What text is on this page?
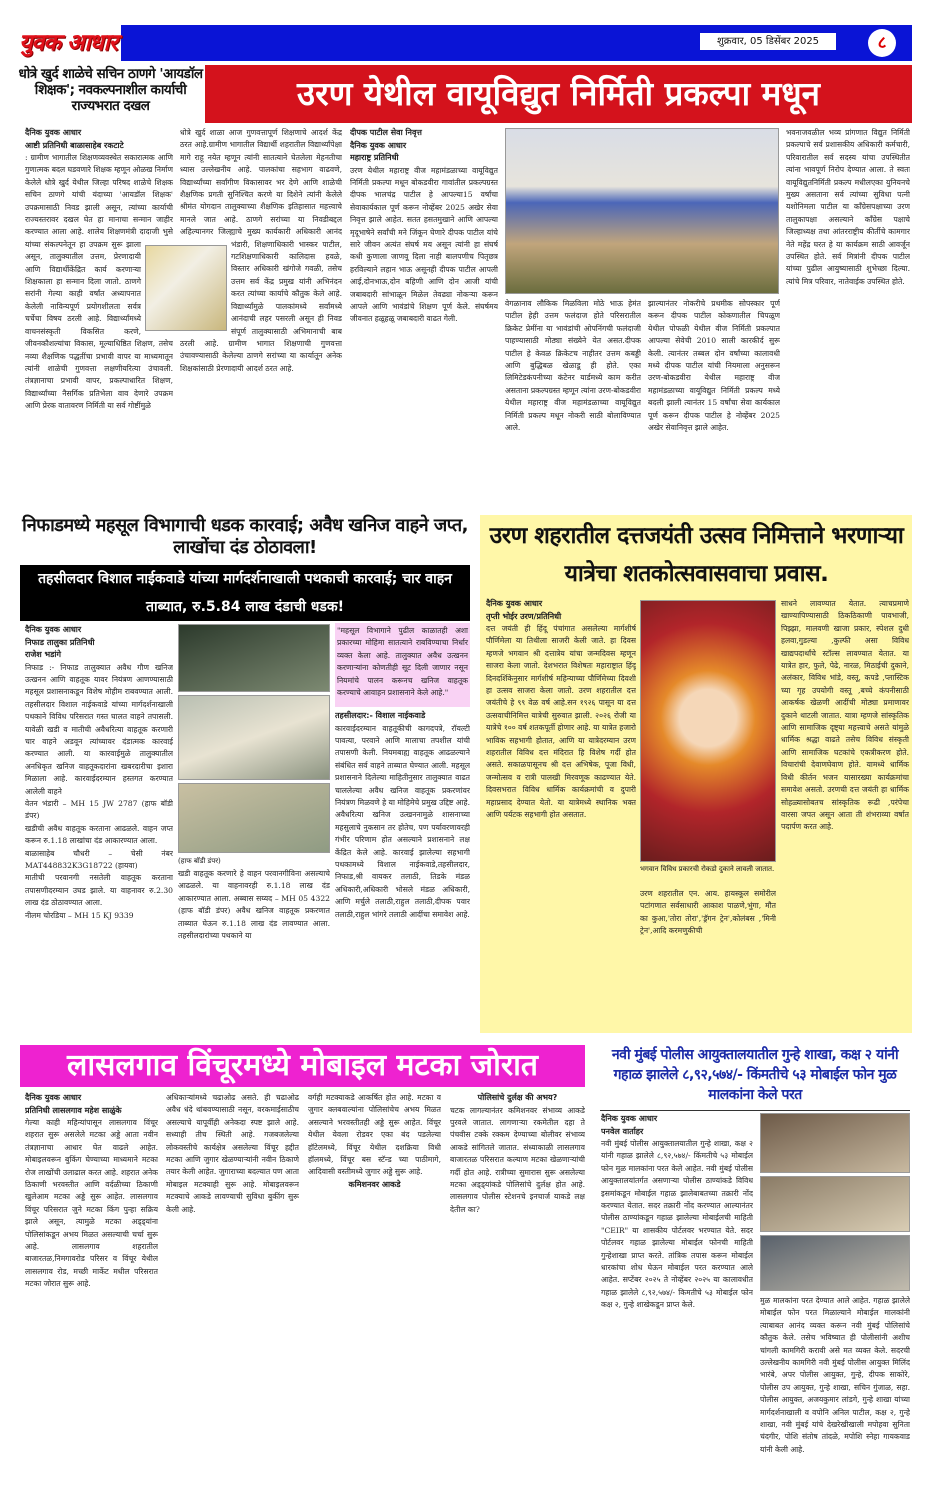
युवक आधार	शुक्रवार, 05 डिसेंबर 2025	८
धोत्रे खुर्द शाळेचे सचिन ठाणगे 'आयडॉल शिक्षक'; नवकल्पनाशील कार्याची राज्यभरात दखल
दैनिक युवक आधार
आष्टी प्रतिनिधी बाळासाहेब रकटाटे
: ग्रामीण भागातील शिक्षणव्यवस्थेत सकारात्मक आणि गुणात्मक बदल घडवणारे शिक्षक म्हणून ओळख निर्माण केलेले धोत्रे खुर्द येथील जिल्हा परिषद शाळेचे शिक्षक सचिन ठाणगे यांची यंदाच्या 'आयडॉल शिक्षक' उपक्रमासाठी निवड झाली असून, त्यांच्या कार्याची राज्यस्तरावर दखल घेत हा मानाचा सन्मान जाहीर करण्यात आला आहे. शालेय शिक्षणमंत्री दादाजी भुसे यांच्या संकल्पनेतून हा उपक्रम सुरू झाला असून, तालुक्यातील उत्तम, प्रेरणादायी आणि विद्यार्थीकेंद्रित कार्य करणाऱ्या शिक्षकाला हा सन्मान दिला जातो. ठाणगे सरांनी गेल्या काही वर्षांत अध्यापनात केलेली नाविन्यपूर्ण प्रयोगशीलता सर्वत्र चर्चेचा विषय ठरली आहे. विद्यार्थ्यांमध्ये वाचनसंस्कृती विकसित करणे, जीवनकौशल्यांचा विकास, मूल्याधिष्ठित शिक्षण, तसेच नव्या शैक्षणिक पद्धतींचा प्रभावी वापर या माध्यमातून त्यांनी शाळेची गुणवत्ता लक्षणीयरित्या उंचावली. तंत्रज्ञानाचा प्रभावी वापर, प्रकल्पाधारित शिक्षण, विद्यार्थ्यांच्या नैसर्गिक प्रतिभेला वाव देणारे उपक्रम आणि प्रेरक वातावरण निर्मिती या सर्व गोष्टींमुळे
धोत्रे खुर्द शाळा आज गुणवत्तापूर्ण शिक्षणाचे आदर्श केंद्र ठरत आहे.ग्रामीण भागातील विद्यार्थी शहरातील विद्यार्थ्यांपेक्षा मागे राहू नयेत म्हणून त्यांनी सातत्याने घेतलेला मेहनतीचा ध्यास उल्लेखनीय आहे. पालकांचा सहभाग वाढवणे, विद्यार्थ्यांच्या सर्वांगीण विकासावर भर देणे आणि शाळेची शैक्षणिक प्रगती सुनिश्चित करणे या दिशेने त्यांनी केलेले श्रीमंत योगदान तालुक्याच्या शैक्षणिक इतिहासात महत्त्वाचे मानले जात आहे. ठाणगे सरांच्या या निवडीबद्दल अहिल्यानगर जिल्ह्याचे मुख्य कार्यकारी अधिकारी आनंद भंडारी, शिक्षणाधिकारी भास्कर पाटील, गटशिक्षणाधिकारी कालिदास हवळे, विस्तार अधिकारी खंगोजे गवळी, तसेच उत्तम सर्व केंद्र प्रमुख यांनी अभिनंदन करत त्यांच्या कार्याचे कौतुक केले आहे. विद्यार्थ्यांमुळे पालकांमध्ये सर्वांमध्ये आनंदाची लहर पसरली असून ही निवड संपूर्ण तालुक्यासाठी अभिमानाची बाब ठरली आहे. ग्रामीण भागात शिक्षणाची गुणवत्ता उंचावण्यासाठी केलेल्या ठाणगे सरांच्या या कार्यातून अनेक शिक्षकांसाठी प्रेरणादायी आदर्श ठरत आहे.
उरण येथील वायूविद्युत निर्मिती प्रकल्पा मधून
दीपक पाटील सेवा निवृत्त
दैनिक युवक आधार
महाराष्ट्र प्रतिनिधी
उरण येथील महाराष्ट्र वीज महामंडळाच्या वायूविद्युत निर्मिती प्रकल्पा मधून बोकडवीरा गावांतील प्रकल्पग्रस्त दीपक भालचंद्र पाटील हे आपल्या15 वर्षांचा सेवाकार्यकाल पूर्ण करून नोव्हेंबर 2025 अखेर सेवा निवृत्त झाले आहेत. सतत हसतमुखाने आणि आपल्या मृदूभाषेने सर्वांची मने जिंकून घेणारे दीपक पाटील यांचे सारे जीवन अत्यंत संघर्ष मय असून त्यांनी हा संघर्ष कधी कुणाला जाणवू दिला नाही बालपणीच पितृछत्र हरविल्याने लहान भाऊ असूनही दीपक पाटील आपली आई,दोनभाऊ,दोन बहिणी आणि दोन आजी यांची जबाबदारी सांभाळून मिळेल तेवढ्या नोकऱ्या करून आपले आणि भावंडांचे शिक्षण पूर्ण केले. संघर्षमय जीवनात हळूहळू जबाबदारी वाढत गेली.
वेगळानाव लौकिक मिळविला मोठे भाऊ हेमंत पाटील हेही उत्तम फलंदाज होते परिसरातील क्रिकेट प्रेमींना या भावंडांची ओपनिंगची फलंदाजी पाहण्यासाठी मोठ्या संख्येने येत असत.दीपक पाटील हे केवळ क्रिकेटच नाहीतर उत्तम कबड्डी आणि बुद्धिबळ खेळाडू ही होते. एका लिमिटेडकंपनीच्या कंटेनर यार्डमध्ये काम करीत असताना प्रकल्पग्रस्त म्हणून त्यांना उरण-बोकडवीरा येथील महाराष्ट्र वीज महामंडळाच्या वायूविद्युत निर्मिती प्रकल्प मधून नोकरी साठी बोलाविण्यात आले.
झाल्यानंतर नोकरीचे प्रथमीक सोपस्कार पूर्ण करून दीपक पाटील कोकणातील चिपळूण येथील पोफळी येथील वीज निर्मिती प्रकल्पात आपल्या सेवेची 2010 साली कारकीर्द सुरू केली. त्यानंतर तब्बल दोन वर्षांच्या कालावधी मध्ये दीपक पाटील यांची नियमाला अनुसरून उरण-बोकडवीरा येथील महाराष्ट्र वीज महामंडळाच्या वायूविद्युत निर्मिती प्रकल्प मध्ये बदली झाली त्यानंतर 15 वर्षांचा सेवा कार्यकाल पूर्ण करून दीपक पाटील हे नोव्हेंबर 2025 अखेर सेवानिवृत्त झाले आहेत.
भवनाजवळील भव्य प्रांगणात विद्युत निर्मिती प्रकल्पाचे सर्व प्रशासकीय अधिकारी कर्मचारी, परिवारातील सर्व सदस्य यांचा उपस्थितीत त्यांना भावपूर्ण निरोप देण्यात आला. ते स्वतः वायूविद्युतनिर्मिती प्रकल्प मधीलएका युनियनचे मुख्य असताना सर्व त्यांच्या सुविधा पत्नी यशोनिमला पाटील या कॉंग्रेसपक्षाच्या उरण तालुकापक्षा असल्याने कॉंग्रेस पक्षाचे जिल्हाध्यक्ष तथा आंतरराष्ट्रीय कीर्तीचे कामगार नेते महेंद्र घरत हे या कार्यक्रम साठी आवर्जून उपस्थित होते. सर्व मित्रांनी दीपक पाटील यांच्या पुढील आयुष्यासाठी शुभेच्छा दिल्या. त्यांचे मित्र परिवार, नातेवाईक उपस्थित होते.
निफाडमध्ये महसूल विभागाची धडक कारवाई; अवैध खनिज वाहने जप्त, लाखोंचा दंड ठोठावला!
तहसीलदार विशाल नाईकवाडे यांच्या मार्गदर्शनाखाली पथकाची कारवाई; चार वाहन ताब्यात, रु.5.84 लाख दंडाची धडक!
दैनिक युवक आधार
निफाड तालुका प्रतिनिधी
राजेश भडांगे
निफाड :- निफाड तालुक्यात अवैध गौण खनिज उत्खनन आणि वाहतूक यावर नियंत्रण आणण्यासाठी महसूल प्रशासनाकडून विशेष मोहीम राबवण्यात आली. तहसीलदार विशाल नाईकवाडे यांच्या मार्गदर्शनाखाली पथकाने विविध परिसरात गस्त घालत वाहने तपासली. यावेळी खडी व मातीची अवैधरित्या वाहतूक करणारी चार वाहने अडवून त्यांच्यावर दंडात्मक कारवाई करण्यात आली. या कारवाईमुळे तालुक्यातील अनधिकृत खनिज वाहतूकदारांना खबरदारीचा इशारा मिळाला आहे. कारवाईदरम्यान हस्तगत करण्यात आलेली वाहने
वेतन भंडारी – MH 15 JW 2787 (हाफ बॉडी डंपर)
खडीची अवैध वाहतूक करताना आढळले. वाहन जप्त करून रु.1.18 लाखांचा दंड आकारण्यात आला.
बाळासाहेब चौधरी – चेसी नंबर MAT448832K3G18722 (हायवा)
मातीची परवानगी नसतेली वाहतूक करताना तपासणीदरम्यान उघड झाले. या वाहनावर रु.2.30 लाख दंड ठोठावण्यात आला.
नीलम चोरडिया – MH 15 KJ 9339
(हाफ बॉडी डंपर)
खडी वाहतूक करणारे हे वाहन परवानगीविना असल्याचे आढळले. या वाहनावरही रु.1.18 लाख दंड आकारण्यात आला. अब्बास सय्यद – MH 05 4322 (हाफ बॉडी डंपर) अवैध खनिज वाहतूक प्रकरणात ताब्यात घेऊन रु.1.18 लाख दंड लावण्यात आला. तहसीलदारांच्या पथकाने या
"महसूल विभागाने पुढील काळातही अशा प्रकारच्या मोहिमा सातत्याने राबविण्याचा निर्धार व्यक्त केला आहे. तालुक्यात अवैध उत्खनन करणाऱ्यांना कोणतीही सूट दिली जाणार नसून नियमांचे पालन करूनच खनिज वाहतूक करण्याचे आवाहन प्रशासनाने केले आहे."
तहसीलदार:- विशाल नाईकवाडे
कारवाईदरम्यान वाहतूकीची कागदपत्रे, रॉयल्टी पावत्या, परवाने आणि मालाचा तपशील यांची तपासणी केली. नियमबाह्य वाहतूक आढळल्याने संबंधित सर्व वाहने ताब्यात घेण्यात आली. महसूल प्रशासनाने दिलेल्या माहितीनुसार तालुक्यात वाढत चाललेल्या अवैध खनिज वाहतूक प्रकरणांवर नियंत्रण मिळवणे हे या मोहिमेचे प्रमुख उद्दिष्ट आहे. अवैधरित्या खनिज उत्खननामुळे शासनाच्या महसुलाचे नुकसान तर होतेच, पण पर्यावरणावरही गंभीर परिणाम होत असल्याने प्रशासनाने लक्ष केंद्रित केले आहे. कारवाई झालेल्या सहभागी पथकामध्ये विशाल नाईकवाडे,तहसीलदार, निफाड,श्री वायकर तलाठी, तिडके मंडळ अधिकारी,अधिकारी भोसले मंडळ अधिकारी, आणि मर्चुले तलाठी,राहुल तलाठी,दीपक पवार तलाठी,राहुल भांगरे तलाठी आदींचा समावेश आहे.
उरण शहरातील दत्तजयंती उत्सव निमित्ताने भरणाऱ्या यात्रेचा शतकोत्सवासवाचा प्रवास.
दैनिक युवक आधार
तृप्ती भोईर उरण/प्रतिनिधी
दत्त जयंती ही हिंदू पंचांगात असलेल्या मार्गशीर्ष पौर्णिमेला या तिथीला साजरी केली जाते. हा दिवस म्हणजे भगवान श्री दत्तात्रेय यांचा जन्मदिवस म्हणून साजरा केला जातो. देशभरात विशेषतः महाराष्ट्रात हिंदू दिनदर्शिकेनुसार मार्गशीर्ष महिन्याच्या पौर्णिमेच्या दिवशी हा उत्सव साजरा केला जातो. उरण शहरातील दत्त जयंतीचे हे ९९ वेळ वर्ष आहे.सन १९२६ पासून या दत्त उत्सवाचीनिमित्त यात्रेची सुरुवात झाली. २०२६ रोजी या यात्रेचे १०० वर्ष शतकपूर्ती होणार आहे. या यात्रेत हजारो भाविक सहभागी होतात, आणि या यात्रेदरम्यान उरण शहरातील विविध दत्त मंदिरात हि विशेष गर्दी होत असते. सकाळपासूनच श्री दत्त अभिषेक, पूजा विधी, जन्मोत्सव व रात्री पालखी मिरवणूक काढण्यात येते. दिवसभरात विविध धार्मिक कार्यक्रमांची व दुपारी महाप्रसाद देण्यात येतो. या यात्रेमध्ये स्थानिक भक्त आणि पर्यटक सहभागी होत असतात.
भगवान विविध प्रकारची रोकडो दुकाने लावली जातात.
उरण शहरातील एन. आय. हायस्कूल समोरील पटांगणात सर्वसाधारी आकाश पाळणे,भुंगा, मौत का कुआ,'तोरा तोरा','ड्रॅगन ट्रेन',कोलंबस ,'मिनी ट्रेन',आदि करमणुकीची
साधने लावण्यात येतात. त्याचप्रमाणे खाण्यापिण्यासाठी ठिकठिकाणी पावभाजी, पिझ्झा, मालवणी खाजा प्रकार, स्पेशल दुधी हलवा,गुडल्या ,कुल्फी असा विविध खाद्यपदार्थांचे स्टॉल्स लावण्यात येतात. या यात्रेत हार, फुले, पेढे, नारळ, मिठाईची दुकाने, अलंकार, विविध भांडे, वस्तू, कपडे ,प्लास्टिक च्या गृह उपयोगी वस्तू ,बच्चे कंपनीसाठी आकर्षक खेळणी आदींची मोठ्या प्रमाणावर दुकाने थाटली जातात. यात्रा म्हणजे सांस्कृतिक आणि सामाजिक दृष्ट्या महत्त्वाचे असते यांमुळे धार्मिक श्रद्धा वाढते तसेच विविध संस्कृती आणि सामाजिक घटकांचे एकत्रीकरण होते. विचारांची देवाणघेवाण होते. यामध्ये धार्मिक विधी कीर्तन भजन यासारख्या कार्यक्रमांचा समावेश असतो. उरणची दत्त जयंती हा धार्मिक सोहळ्यासोबतच सांस्कृतिक रूढी ,परंपेचा वारसा जपत असून आता ती शंभराव्या वर्षात पदार्पण करत आहे.
लासलगाव विंचूरमध्ये मोबाइल मटका जोरात
दैनिक युवक आधार
प्रतिनिधी लासलगाव महेश साळुंके
गेल्या काही महिन्यांपासून लासलगाव विंचूर शहरात सुरू असलेले मटका अड्डे आता नवीन तंत्रज्ञानाचा आधार घेत वाढले आहेत. मोबाइलवरून बुकिंग घेण्याच्या माध्यमाने मटका रोज लाखोंची उलाढाल करत आहे. शहरात अनेक ठिकाणी भरवस्तीत आणि वर्दळीच्या ठिकाणी खुलेआम मटका अड्डे सुरू आहेत. लासलगाव विंचूर परिसरात जुने मटका किंग पुन्हा सक्रिय झाले असून, त्यामुळे मटका अड्ड्यांना पोलिसांकडून अभय मिळत असल्याची चर्चा सुरू आहे. लासलगाव शहरातील बाजारतळ,निमगावरोड परिसर व विंचूर येथील लासलगाव रोड, मच्छी मार्केट मधील परिसरात मटका जोरात सुरू आहे.
अधिकाऱ्यांमध्ये चढाओढ असते. ही चढाओढ अवैध धंदे थांबवण्यासाठी नसून, वरकमाईसाठीच असल्याचे यापूर्वीही अनेकदा स्पष्ट झाले आहे. सध्याही तीच स्थिती आहे. गजबजलेल्या लोकवस्तीचे कार्यक्षेत्र असलेल्या विंचूर हद्दीत मटका आणि जुगार खेळण्याऱ्यांनी नवीन ठिकाणे तयार केली आहेत. जुगाराच्या बदल्यात पण आता मोबाइल मटक्याही सुरू आहे. मोबाइलवरून मटक्याचे आकडे लावण्याची सुविधा बुकींग सुरू केली आहे.
वर्गही मटक्याकडे आकर्षित होत आहे. मटका व जुगार क्लबवाल्यांना पोलिसांचेच अभय मिळत असल्याने भरवस्तीतही अड्डे सुरू आहेत. विंचूर येथील येवला रोडवर एका बंद पडलेल्या हॉटेलमध्ये, विंचूर येथील दशक्रिया विधी हॉलमध्ये, विंचूर बस स्टॅन्ड च्या पाठीमागे, आदिवासी वस्तीमध्ये जुगार अड्डे सुरू आहे.
कमिशनवर आकडे
पोलिसांचे दुर्लक्ष की अभय?
चटक लागल्यानंतर कमिशनवर संभाव्य आकडे पुरवले जातात. लागणाऱ्या रकमेतील दहा ते पंचवीस टक्के रक्कम देण्याच्या बोलीवर संभाव्य आकडे सांगितले जातात. संध्याकाळी लासलगाव बाजारतळ परिसरात कल्याण मटका खेळणाऱ्यांची गर्दी होत आहे. रात्रीच्या सुमारास सुरू असलेल्या मटका अड्ड्यांकडे पोलिसांचे दुर्लक्ष होत आहे. लासलगाव पोलीस स्टेशनचे इनचार्ज याकडे लक्ष देतील का?
नवी मुंबई पोलीस आयुक्तालयातील गुन्हे शाखा, कक्ष २ यांनी गहाळ झालेले ८,९२,५७४/- किंमतीचे ५३ मोबाईल फोन मुळ मालकांना केले परत
दैनिक युवक आधार
पनवेल वार्ताहर
नवी मुंबई पोलीस आयुक्तालयातील गुन्हे शाखा, कक्ष २ यांनी गहाळ झालेले ८,९२,५७४/- किंमतीचे ५३ मोबाईल फोन मुळ मालकांना परत केले आहेत. नवी मुंबई पोलीस आयुक्तालयांतर्गत असणाऱ्या पोलीस ठाण्यांकडे विविध इसमांकडून मोबाईल गहाळ झालेबाबतच्या तक्रारी नोंद करण्यात येतात. सदर तक्रारी नोंद करण्यात आल्यानंतर पोलीस ठाण्यांकडून गहाळ झालेल्या मोबाईलची माहिती "CEIR" या शासकीय पोर्टलवर भरण्यात येते. सदर पोर्टलवर गहाळ झालेल्या मोबाईल फोनची माहिती गुन्हेशाखा प्राप्त करते. तांत्रिक तपास करून मोबाईल धारकांचा शोध घेऊन मोबाईल परत करण्यात आले आहेत. सप्टेंबर २०२५ ते नोव्हेंबर २०२५ या कालावधीत गहाळ झालेले ८,९२,५७४/- किमतीचे ५३ मोबाईल फोन कक्ष २, गुन्हे शाखेकडून प्राप्त केले.	मुळ मालकांना परत देण्यात आले आहेत. गहाळ झालेले मोबाईल फोन परत मिळाल्याने मोबाईल मालकांनी त्याबाबत आनंद व्यक्त करून नवी मुंबई पोलिसांचे कौतुक केले. तसेच भविष्यात ही पोलीसांनी अशीच चांगली कामगिरी करावी असे मत व्यक्त केले. सदरची उल्लेखनीय कामगिरी नवी मुंबई पोलीस आयुक्त मिलिंद भारंबे, अपर पोलीस आयुक्त, गुन्हे, दीपक साकोरे, पोलीस उप आयुक्त, गुन्हे शाखा, सचिन गुंजाळ, सहा. पोलीस आयुक्त, अजयकुमार लांडगे, गुन्हे शाखा यांच्या मार्गदर्शनाखाली व वपोनि अनिल पाटील, कक्ष २, गुन्हे शाखा, नवी मुंबई यांचे देखरेखीखाली मपोहवा सुनिता चंदगीर, पोशि संतोष तांदळे, मपोशि स्नेहा गायकवाड यांनी केली आहे.
